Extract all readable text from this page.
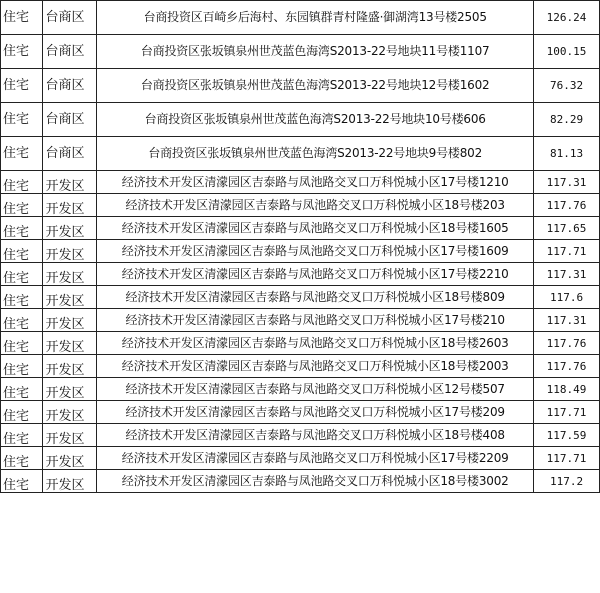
住宅	台商区	台商投资区百崎乡后海村、东园镇群青村隆盛·御湖湾13号楼2505	126.24
住宅	台商区	台商投资区张坂镇泉州世茂蓝色海湾S2013-22号地块11号楼1107	100.15
住宅	台商区	台商投资区张坂镇泉州世茂蓝色海湾S2013-22号地块12号楼1602	76.32
住宅	台商区	台商投资区张坂镇泉州世茂蓝色海湾S2013-22号地块10号楼606	82.29
住宅	台商区	台商投资区张坂镇泉州世茂蓝色海湾S2013-22号地块9号楼802	81.13
住宅	开发区	经济技术开发区清濛园区吉泰路与凤池路交叉口万科悦城小区17号楼1210	117.31
住宅	开发区	经济技术开发区清濛园区吉泰路与凤池路交叉口万科悦城小区18号楼203	117.76
住宅	开发区	经济技术开发区清濛园区吉泰路与凤池路交叉口万科悦城小区18号楼1605	117.65
住宅	开发区	经济技术开发区清濛园区吉泰路与凤池路交叉口万科悦城小区17号楼1609	117.71
住宅	开发区	经济技术开发区清濛园区吉泰路与凤池路交叉口万科悦城小区17号楼2210	117.31
住宅	开发区	经济技术开发区清濛园区吉泰路与凤池路交叉口万科悦城小区18号楼809	117.6
住宅	开发区	经济技术开发区清濛园区吉泰路与凤池路交叉口万科悦城小区17号楼210	117.31
住宅	开发区	经济技术开发区清濛园区吉泰路与凤池路交叉口万科悦城小区18号楼2603	117.76
住宅	开发区	经济技术开发区清濛园区吉泰路与凤池路交叉口万科悦城小区18号楼2003	117.76
住宅	开发区	经济技术开发区清濛园区吉泰路与凤池路交叉口万科悦城小区12号楼507	118.49
住宅	开发区	经济技术开发区清濛园区吉泰路与凤池路交叉口万科悦城小区17号楼209	117.71
住宅	开发区	经济技术开发区清濛园区吉泰路与凤池路交叉口万科悦城小区18号楼408	117.59
住宅	开发区	经济技术开发区清濛园区吉泰路与凤池路交叉口万科悦城小区17号楼2209	117.71
住宅	开发区	经济技术开发区清濛园区吉泰路与凤池路交叉口万科悦城小区18号楼3002	117.2
